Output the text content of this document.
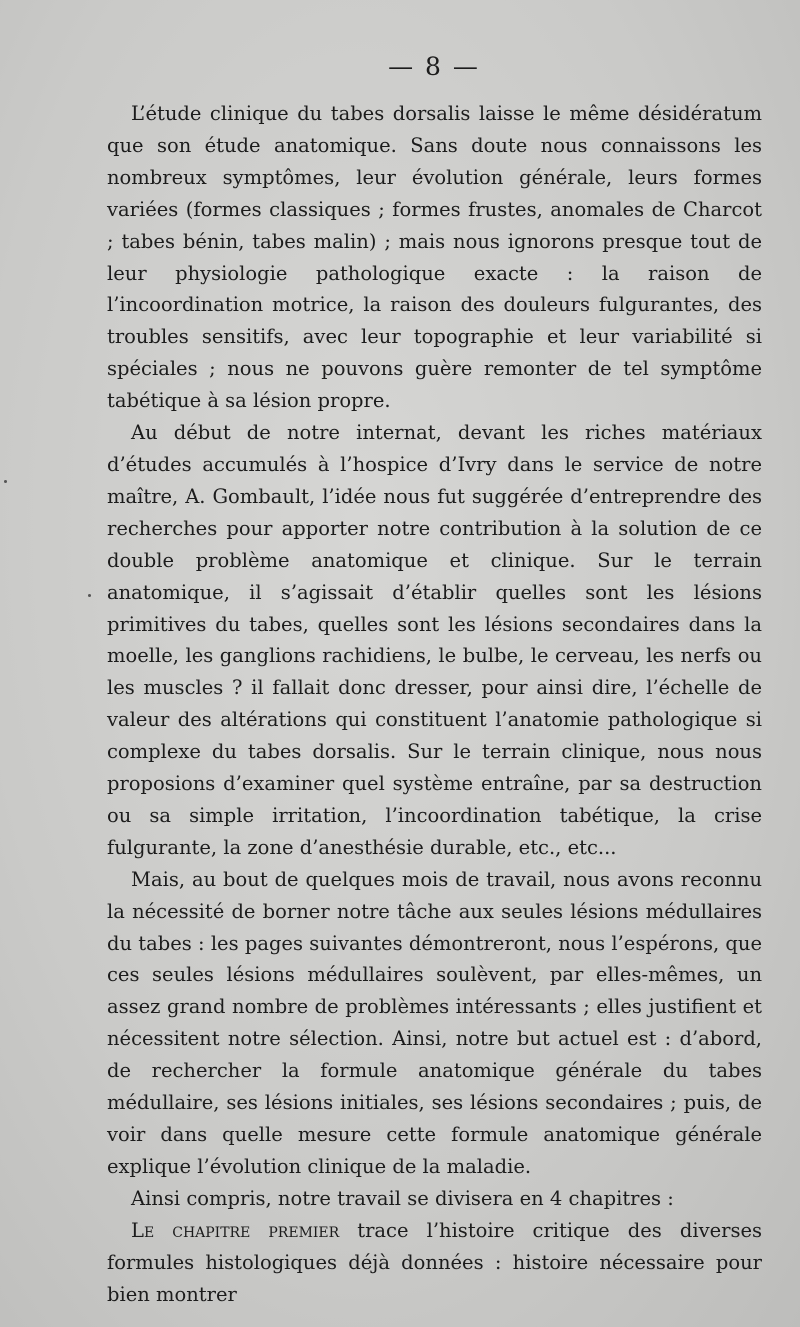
— 8 —

L’étude clinique du tabes dorsalis laisse le même désidératum que son étude anatomique. Sans doute nous connaissons les nombreux symptômes, leur évolution générale, leurs formes variées (formes classiques ; formes frustes, anomales de Charcot ; tabes bénin, tabes malin) ; mais nous ignorons presque tout de leur physiologie pathologique exacte : la raison de l’incoordination motrice, la raison des douleurs fulgurantes, des troubles sensitifs, avec leur topographie et leur variabilité si spéciales ; nous ne pouvons guère remonter de tel symptôme tabétique à sa lésion propre.

Au début de notre internat, devant les riches matériaux d’études accumulés à l’hospice d’Ivry dans le service de notre maître, A. Gombault, l’idée nous fut suggérée d’entreprendre des recherches pour apporter notre contribution à la solution de ce double problème anatomique et clinique. Sur le terrain anatomique, il s’agissait d’établir quelles sont les lésions primitives du tabes, quelles sont les lésions secondaires dans la moelle, les ganglions rachidiens, le bulbe, le cerveau, les nerfs ou les muscles ? il fallait donc dresser, pour ainsi dire, l’échelle de valeur des altérations qui constituent l’anatomie pathologique si complexe du tabes dorsalis. Sur le terrain clinique, nous nous proposions d’examiner quel système entraîne, par sa destruction ou sa simple irritation, l’incoordination tabétique, la crise fulgurante, la zone d’anesthésie durable, etc., etc...

Mais, au bout de quelques mois de travail, nous avons reconnu la nécessité de borner notre tâche aux seules lésions médullaires du tabes : les pages suivantes démontreront, nous l’espérons, que ces seules lésions médullaires soulèvent, par elles-mêmes, un assez grand nombre de problèmes intéressants ; elles justifient et nécessitent notre sélection. Ainsi, notre but actuel est : d’abord, de rechercher la formule anatomique générale du tabes médullaire, ses lésions initiales, ses lésions secondaires ; puis, de voir dans quelle mesure cette formule anatomique générale explique l’évolution clinique de la maladie.

Ainsi compris, notre travail se divisera en 4 chapitres :

Le chapitre premier trace l’histoire critique des diverses formules histologiques déjà données : histoire nécessaire pour bien montrer
